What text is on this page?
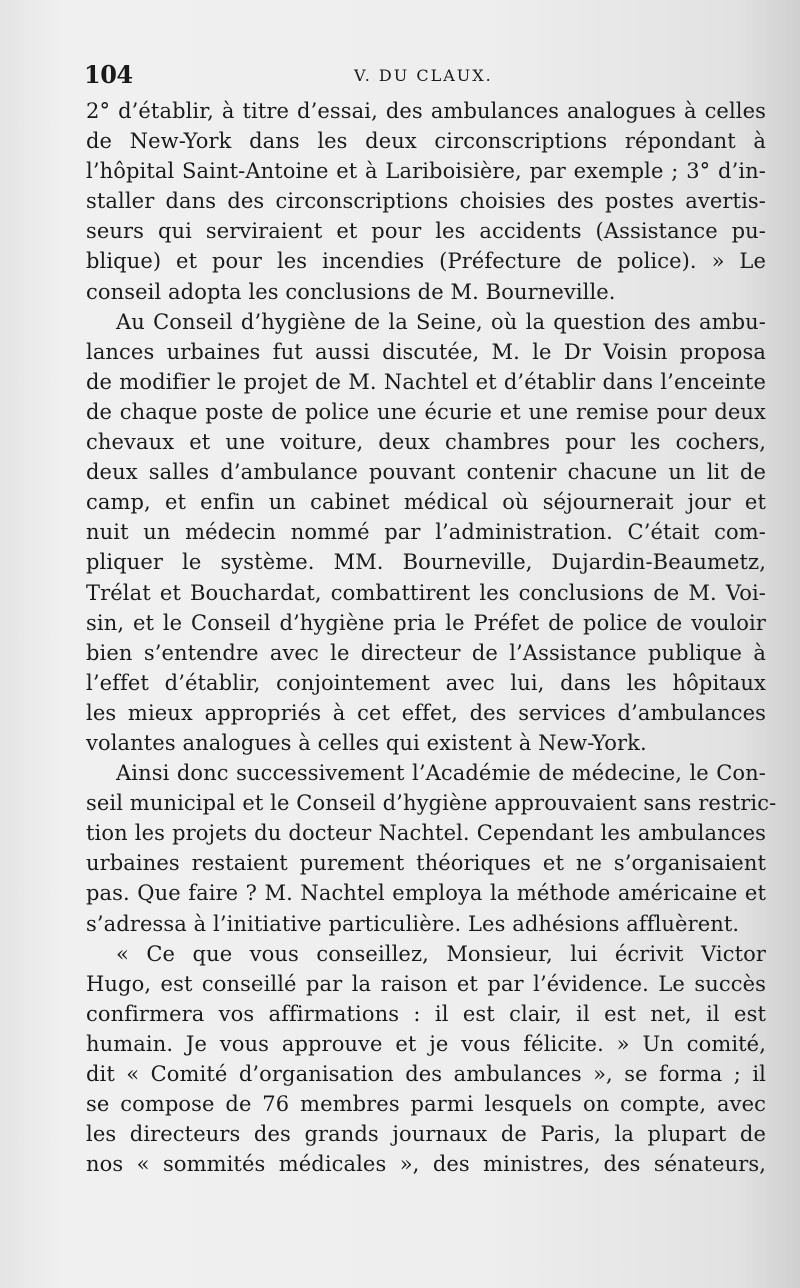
104	V. DU CLAUX.
2° d’établir, à titre d’essai, des ambulances analogues à celles
de New-York dans les deux circonscriptions répondant à
l’hôpital Saint-Antoine et à Lariboisière, par exemple ; 3° d’in-
staller dans des circonscriptions choisies des postes avertis-
seurs qui serviraient et pour les accidents (Assistance pu-
blique) et pour les incendies (Préfecture de police). » Le
conseil adopta les conclusions de M. Bourneville.
Au Conseil d’hygiène de la Seine, où la question des ambu-
lances urbaines fut aussi discutée, M. le Dr Voisin proposa
de modifier le projet de M. Nachtel et d’établir dans l’enceinte
de chaque poste de police une écurie et une remise pour deux
chevaux et une voiture, deux chambres pour les cochers,
deux salles d’ambulance pouvant contenir chacune un lit de
camp, et enfin un cabinet médical où séjournerait jour et
nuit un médecin nommé par l’administration. C’était com-
pliquer le système. MM. Bourneville, Dujardin-Beaumetz,
Trélat et Bouchardat, combattirent les conclusions de M. Voi-
sin, et le Conseil d’hygiène pria le Préfet de police de vouloir
bien s’entendre avec le directeur de l’Assistance publique à
l’effet d’établir, conjointement avec lui, dans les hôpitaux
les mieux appropriés à cet effet, des services d’ambulances
volantes analogues à celles qui existent à New-York.
Ainsi donc successivement l’Académie de médecine, le Con-
seil municipal et le Conseil d’hygiène approuvaient sans restric-
tion les projets du docteur Nachtel. Cependant les ambulances
urbaines restaient purement théoriques et ne s’organisaient
pas. Que faire ? M. Nachtel employa la méthode américaine et
s’adressa à l’initiative particulière. Les adhésions affluèrent.
« Ce que vous conseillez, Monsieur, lui écrivit Victor
Hugo, est conseillé par la raison et par l’évidence. Le succès
confirmera vos affirmations : il est clair, il est net, il est
humain. Je vous approuve et je vous félicite. » Un comité,
dit « Comité d’organisation des ambulances », se forma ; il
se compose de 76 membres parmi lesquels on compte, avec
les directeurs des grands journaux de Paris, la plupart de
nos « sommités médicales », des ministres, des sénateurs,
